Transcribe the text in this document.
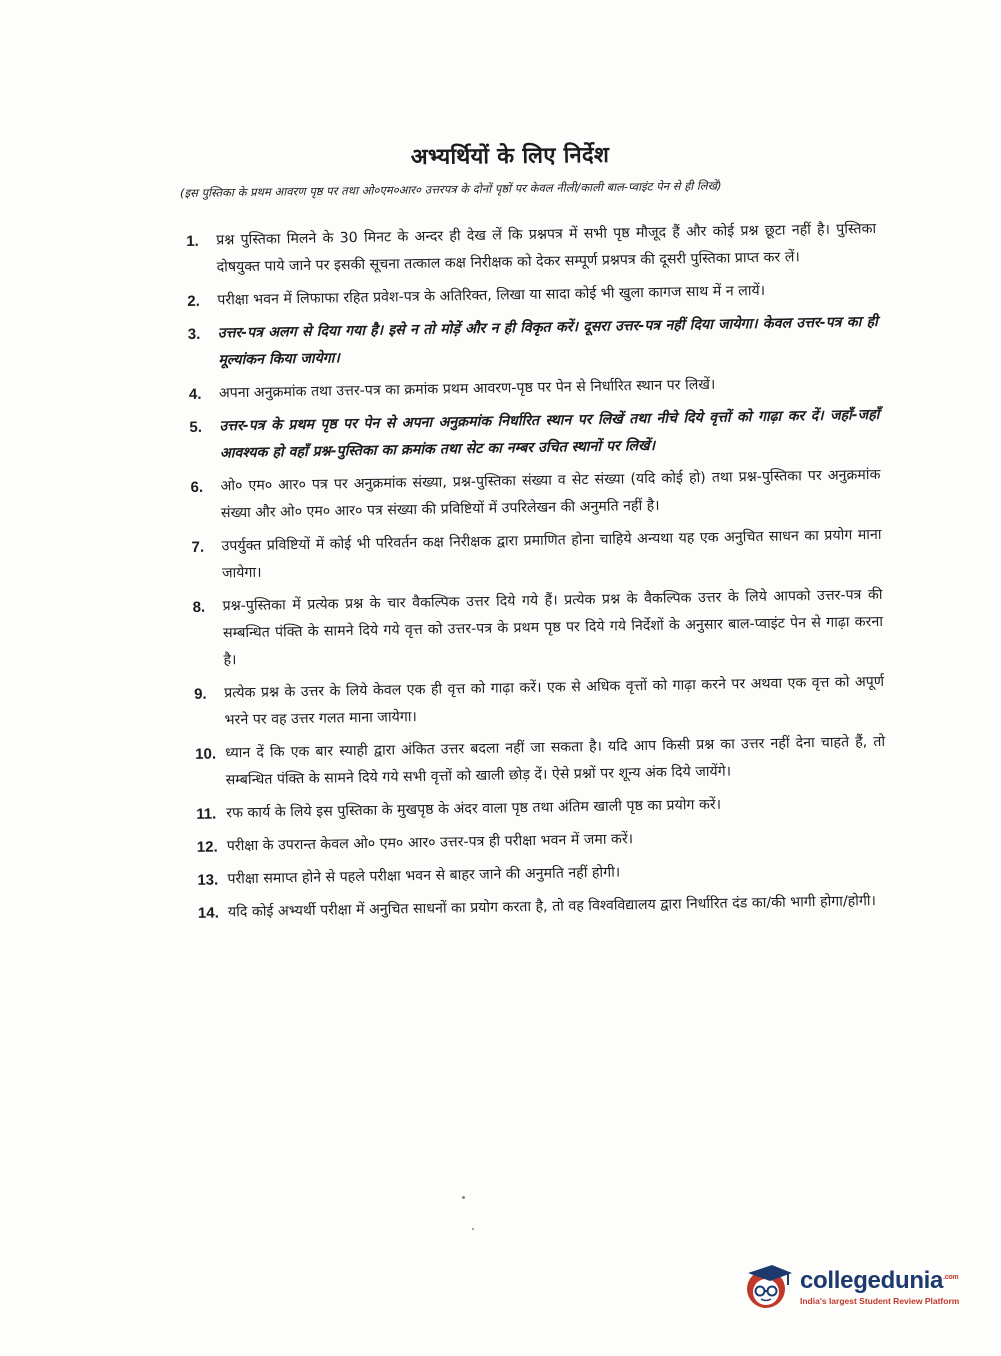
अभ्यर्थियों के लिए निर्देश
(इस पुस्तिका के प्रथम आवरण पृष्ठ पर तथा ओ०एम०आर० उत्तरपत्र के दोनों पृष्ठों पर केवल नीली/काली बाल-प्वाइंट पेन से ही लिखें)
1.	प्रश्न पुस्तिका मिलने के 30 मिनट के अन्दर ही देख लें कि प्रश्नपत्र में सभी पृष्ठ मौजूद हैं और कोई प्रश्न छूटा नहीं है। पुस्तिका दोषयुक्त पाये जाने पर इसकी सूचना तत्काल कक्ष निरीक्षक को देकर सम्पूर्ण प्रश्नपत्र की दूसरी पुस्तिका प्राप्त कर लें।
2.	परीक्षा भवन में लिफाफा रहित प्रवेश-पत्र के अतिरिक्त, लिखा या सादा कोई भी खुला कागज साथ में न लायें।
3.	उत्तर-पत्र अलग से दिया गया है। इसे न तो मोड़ें और न ही विकृत करें। दूसरा उत्तर-पत्र नहीं दिया जायेगा। केवल उत्तर-पत्र का ही मूल्यांकन किया जायेगा।
4.	अपना अनुक्रमांक तथा उत्तर-पत्र का क्रमांक प्रथम आवरण-पृष्ठ पर पेन से निर्धारित स्थान पर लिखें।
5.	उत्तर-पत्र के प्रथम पृष्ठ पर पेन से अपना अनुक्रमांक निर्धारित स्थान पर लिखें तथा नीचे दिये वृत्तों को गाढ़ा कर दें। जहाँ-जहाँ आवश्यक हो वहाँ प्रश्न-पुस्तिका का क्रमांक तथा सेट का नम्बर उचित स्थानों पर लिखें।
6.	ओ० एम० आर० पत्र पर अनुक्रमांक संख्या, प्रश्न-पुस्तिका संख्या व सेट संख्या (यदि कोई हो) तथा प्रश्न-पुस्तिका पर अनुक्रमांक संख्या और ओ० एम० आर० पत्र संख्या की प्रविष्टियों में उपरिलेखन की अनुमति नहीं है।
7.	उपर्युक्त प्रविष्टियों में कोई भी परिवर्तन कक्ष निरीक्षक द्वारा प्रमाणित होना चाहिये अन्यथा यह एक अनुचित साधन का प्रयोग माना जायेगा।
8.	प्रश्न-पुस्तिका में प्रत्येक प्रश्न के चार वैकल्पिक उत्तर दिये गये हैं। प्रत्येक प्रश्न के वैकल्पिक उत्तर के लिये आपको उत्तर-पत्र की सम्बन्धित पंक्ति के सामने दिये गये वृत्त को उत्तर-पत्र के प्रथम पृष्ठ पर दिये गये निर्देशों के अनुसार बाल-प्वाइंट पेन से गाढ़ा करना है।
9.	प्रत्येक प्रश्न के उत्तर के लिये केवल एक ही वृत्त को गाढ़ा करें। एक से अधिक वृत्तों को गाढ़ा करने पर अथवा एक वृत्त को अपूर्ण भरने पर वह उत्तर गलत माना जायेगा।
10. ध्यान दें कि एक बार स्याही द्वारा अंकित उत्तर बदला नहीं जा सकता है। यदि आप किसी प्रश्न का उत्तर नहीं देना चाहते हैं, तो सम्बन्धित पंक्ति के सामने दिये गये सभी वृत्तों को खाली छोड़ दें। ऐसे प्रश्नों पर शून्य अंक दिये जायेंगे।
11. रफ कार्य के लिये इस पुस्तिका के मुखपृष्ठ के अंदर वाला पृष्ठ तथा अंतिम खाली पृष्ठ का प्रयोग करें।
12. परीक्षा के उपरान्त केवल ओ० एम० आर० उत्तर-पत्र ही परीक्षा भवन में जमा करें।
13. परीक्षा समाप्त होने से पहले परीक्षा भवन से बाहर जाने की अनुमति नहीं होगी।
14. यदि कोई अभ्यर्थी परीक्षा में अनुचित साधनों का प्रयोग करता है, तो वह विश्वविद्यालय द्वारा निर्धारित दंड का/की भागी होगा/होगी।
collegedunia$^{.com}$
India's largest Student Review Platform
